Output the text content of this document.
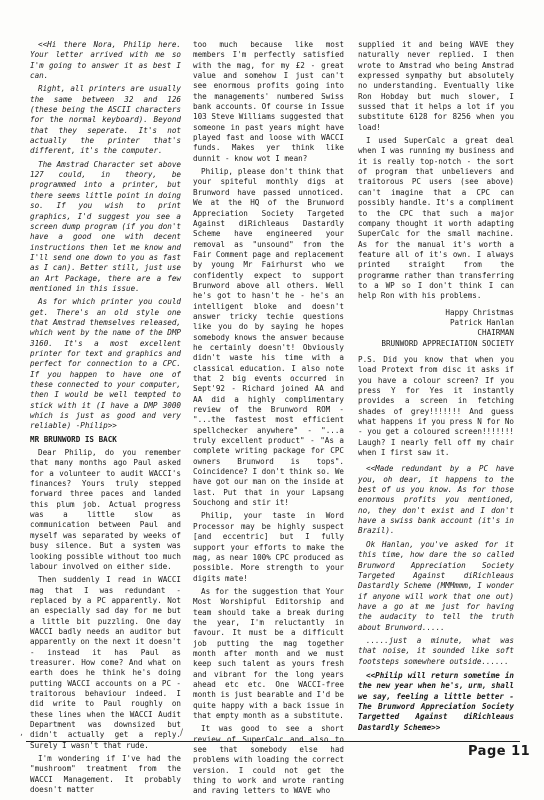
<<Hi there Nora, Philip here. Your letter arrived with me so I'm going to answer it as best I can.

Right, all printers are usually the same between 32 and 126 (these being the ASCII characters for the normal keyboard). Beyond that they seperate. It's not actually the printer that's different, it's the computer.

The Amstrad Character set above 127 could, in theory, be programmed into a printer, but there seems little point in doing so. If you wish to print graphics, I'd suggest you see a screen dump program (if you don't have a good one with decent instructions then let me know and I'll send one down to you as fast as I can). Better still, just use an Art Package, there are a few mentioned in this issue.

As for which printer you could get. There's an old style one that Amstrad themselves released, which went by the name of the DMP 3160. It's a most excellent printer for text and graphics and perfect for connection to a CPC. If you happen to have one of these connected to your computer, then I would be well tempted to stick with it (I have a DMP 3000 which is just as good and very reliable) -Philip>>

MR BRUNWORD IS BACK

Dear Philip, do you remember that many months ago Paul asked for a volunteer to audit WACCI's finances? Yours truly stepped forward three paces and landed this plum job. Actual progress was a little slow as communication between Paul and myself was separated by weeks of busy silence. But a system was looking possible without too much labour involved on either side.

Then suddenly I read in WACCI mag that I was redundant - replaced by a PC apparently. Not an especially sad day for me but a little bit puzzling. One day WACCI badly needs an auditor but apparently on the next it doesn't - instead it has Paul as treasurer. How come? And what on earth does he think he's doing putting WACCI accounts on a PC - traitorous behaviour indeed. I did write to Paul roughly on these lines when the WACCI Audit Department was downsized but didn't actually get a reply. Surely I wasn't that rude.

I'm wondering if I've had the "mushroom" treatment from the WACCI Management. It probably doesn't matter

too much because like most members I'm perfectly satisfied with the mag, for my £2 - great value and somehow I just can't see enormous profits going into the managements' numbered Swiss bank accounts. Of course in Issue 103 Steve Williams suggested that someone in past years might have played fast and loose with WACCI funds. Makes yer think like dunnit - know wot I mean?

Philip, please don't think that your spiteful monthly digs at Brunword have passed unnoticed. We at the HQ of the Brunword Appreciation Society Targeted Against diRichleaus Dastardly Scheme have engineered your removal as "unsound" from the Fair Comment page and replacement by young Mr Fairhurst who we confidently expect to support Brunword above all others. Well he's got to hasn't he - he's an intelligent bloke and doesn't answer tricky techie questions like you do by saying he hopes somebody knows the answer because he certainly doesn't! Obviously didn't waste his time with a classical education. I also note that 2 big events occurred in Sept'92 - Richard joined AA and AA did a highly complimentary review of the Brunword ROM - "...the fastest most efficient spellchecker anywhere" - "...a truly excellent product" - "As a complete writing package for CPC owners Brunword is tops". Coincidence? I don't think so. We have got our man on the inside at last. Put that in your Lapsang Souchong and stir it!

Philip, your taste in Word Processor may be highly suspect [and eccentric] but I fully support your efforts to make the mag, as near 100% CPC produced as possible. More strength to your digits mate!

As for the suggestion that Your Most Worshipful Editorship and team should take a break during the year, I'm reluctantly in favour. It must be a difficult job putting the mag together month after month and we must keep such talent as yours fresh and vibrant for the long years ahead etc etc. One WACCI-free month is just bearable and I'd be quite happy with a back issue in that empty month as a substitute.

It was good to see a short review of SuperCalc and also to see that somebody else had problems with loading the correct version. I could not get the thing to work and wrote ranting and raving letters to WAVE who

supplied it and being WAVE they naturally never replied. I then wrote to Amstrad who being Amstrad expressed sympathy but absolutely no understanding. Eventually like Ron Hobday but much slower, I sussed that it helps a lot if you substitute 6128 for 8256 when you load!

I used SuperCalc a great deal when I was running my business and it is really top-notch - the sort of program that unbelievers and traitorous PC users (see above) can't imagine that a CPC can possibly handle. It's a compliment to the CPC that such a major company thought it worth adapting SuperCalc for the small machine. As for the manual it's worth a feature all of it's own. I always printed straight from the programme rather than transferring to a WP so I don't think I can help Ron with his problems.

Happy Christmas

Patrick Hanlan

CHAIRMAN

BRUNWORD APPRECIATION SOCIETY

P.S. Did you know that when you load Protext from disc it asks if you have a colour screen? If you press Y for Yes it instantly provides a screen in fetching shades of grey!!!!!!! And guess what happens if you press N for No - you get a coloured screen!!!!!!! Laugh? I nearly fell off my chair when I first saw it.

<<Made redundant by a PC have you, oh dear, it happens to the best of us you know. As for those enormous profits you mentioned, no, they don't exist and I don't have a swiss bank account (it's in Brazil).

Ok Hanlan, you've asked for it this time, how dare the so called Brunword Appreciation Society Targeted Against diRichleaus Dastardly Scheme (MMMmmm, I wonder if anyone will work that one out) have a go at me just for having the audacity to tell the truth about Brunword.....

.....just a minute, what was that noise, it sounded like soft footsteps somewhere outside......

<<Philip will return sometime in the new year when he's, urm, shall we say, feeling a little better -The Brunword Appreciation Society Targetted Against diRichleaus Dastardly Scheme>>

‚	/
Page 11
